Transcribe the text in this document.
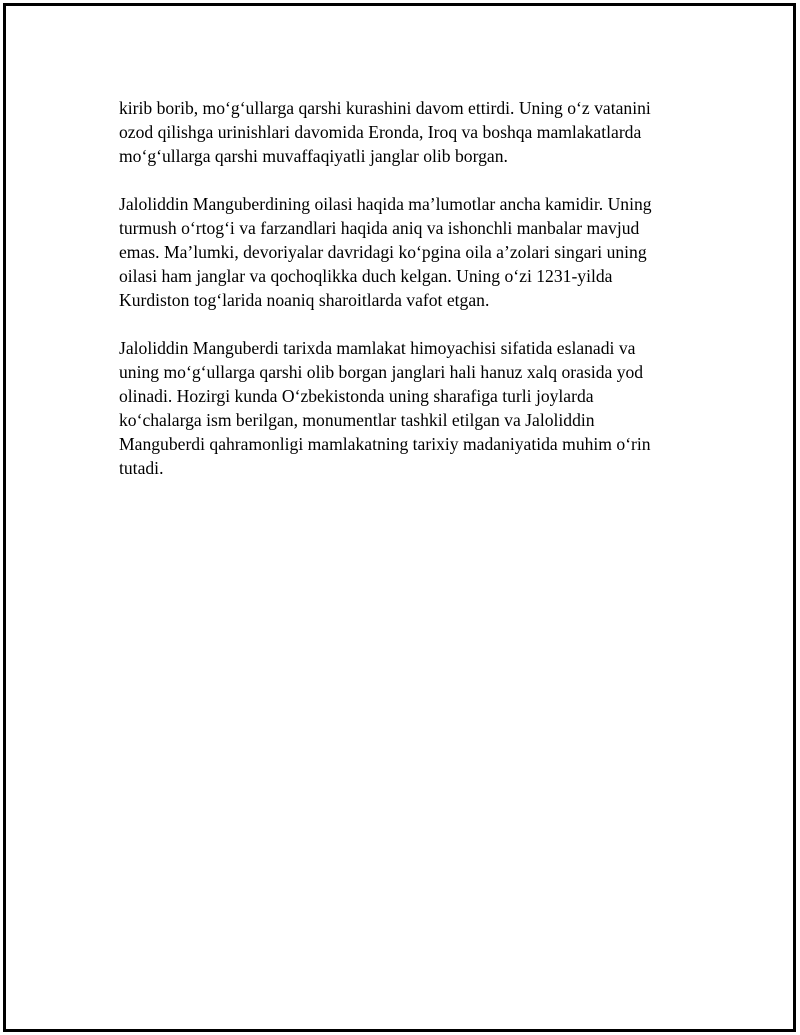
kirib borib, mo‘g‘ullarga qarshi kurashini davom ettirdi. Uning o‘z vatanini
ozod qilishga urinishlari davomida Eronda, Iroq va boshqa mamlakatlarda
mo‘g‘ullarga qarshi muvaffaqiyatli janglar olib borgan.

Jaloliddin Manguberdining oilasi haqida ma’lumotlar ancha kamidir. Uning
turmush o‘rtog‘i va farzandlari haqida aniq va ishonchli manbalar mavjud
emas. Ma’lumki, devoriyalar davridagi ko‘pgina oila a’zolari singari uning
oilasi ham janglar va qochoqlikka duch kelgan. Uning o‘zi 1231-yilda
Kurdiston tog‘larida noaniq sharoitlarda vafot etgan.

Jaloliddin Manguberdi tarixda mamlakat himoyachisi sifatida eslanadi va
uning mo‘g‘ullarga qarshi olib borgan janglari hali hanuz xalq orasida yod
olinadi. Hozirgi kunda O‘zbekistonda uning sharafiga turli joylarda
ko‘chalarga ism berilgan, monumentlar tashkil etilgan va Jaloliddin
Manguberdi qahramonligi mamlakatning tarixiy madaniyatida muhim o‘rin
tutadi.
